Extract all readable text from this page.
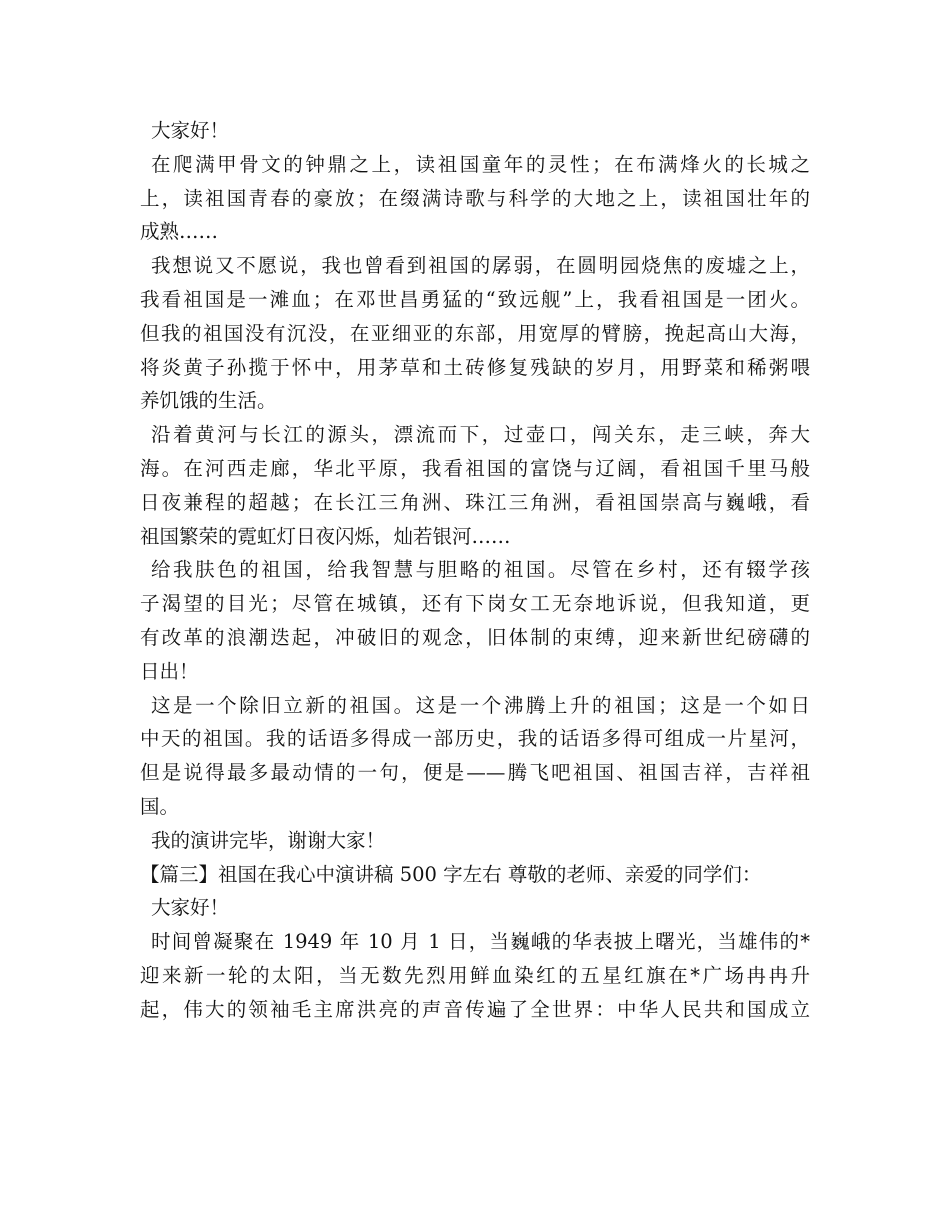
大家好！
在爬满甲骨文的钟鼎之上，读祖国童年的灵性；在布满烽火的长城之
上，读祖国青春的豪放；在缀满诗歌与科学的大地之上，读祖国壮年的
成熟……
我想说又不愿说，我也曾看到祖国的孱弱，在圆明园烧焦的废墟之上，
我看祖国是一滩血；在邓世昌勇猛的“致远舰”上，我看祖国是一团火。
但我的祖国没有沉没，在亚细亚的东部，用宽厚的臂膀，挽起高山大海，
将炎黄子孙揽于怀中，用茅草和土砖修复残缺的岁月，用野菜和稀粥喂
养饥饿的生活。
沿着黄河与长江的源头，漂流而下，过壶口，闯关东，走三峡，奔大
海。在河西走廊，华北平原，我看祖国的富饶与辽阔，看祖国千里马般
日夜兼程的超越；在长江三角洲、珠江三角洲，看祖国崇高与巍峨，看
祖国繁荣的霓虹灯日夜闪烁，灿若银河……
给我肤色的祖国，给我智慧与胆略的祖国。尽管在乡村，还有辍学孩
子渴望的目光；尽管在城镇，还有下岗女工无奈地诉说，但我知道，更
有改革的浪潮迭起，冲破旧的观念，旧体制的束缚，迎来新世纪磅礴的
日出！
这是一个除旧立新的祖国。这是一个沸腾上升的祖国；这是一个如日
中天的祖国。我的话语多得成一部历史，我的话语多得可组成一片星河，
但是说得最多最动情的一句，便是——腾飞吧祖国、祖国吉祥，吉祥祖
国。
我的演讲完毕，谢谢大家！
【篇三】祖国在我心中演讲稿 500 字左右 尊敬的老师、亲爱的同学们：
大家好！
时间曾凝聚在 1949 年 10 月 1 日，当巍峨的华表披上曙光，当雄伟的*
迎来新一轮的太阳，当无数先烈用鲜血染红的五星红旗在*广场冉冉升
起，伟大的领袖毛主席洪亮的声音传遍了全世界：中华人民共和国成立
